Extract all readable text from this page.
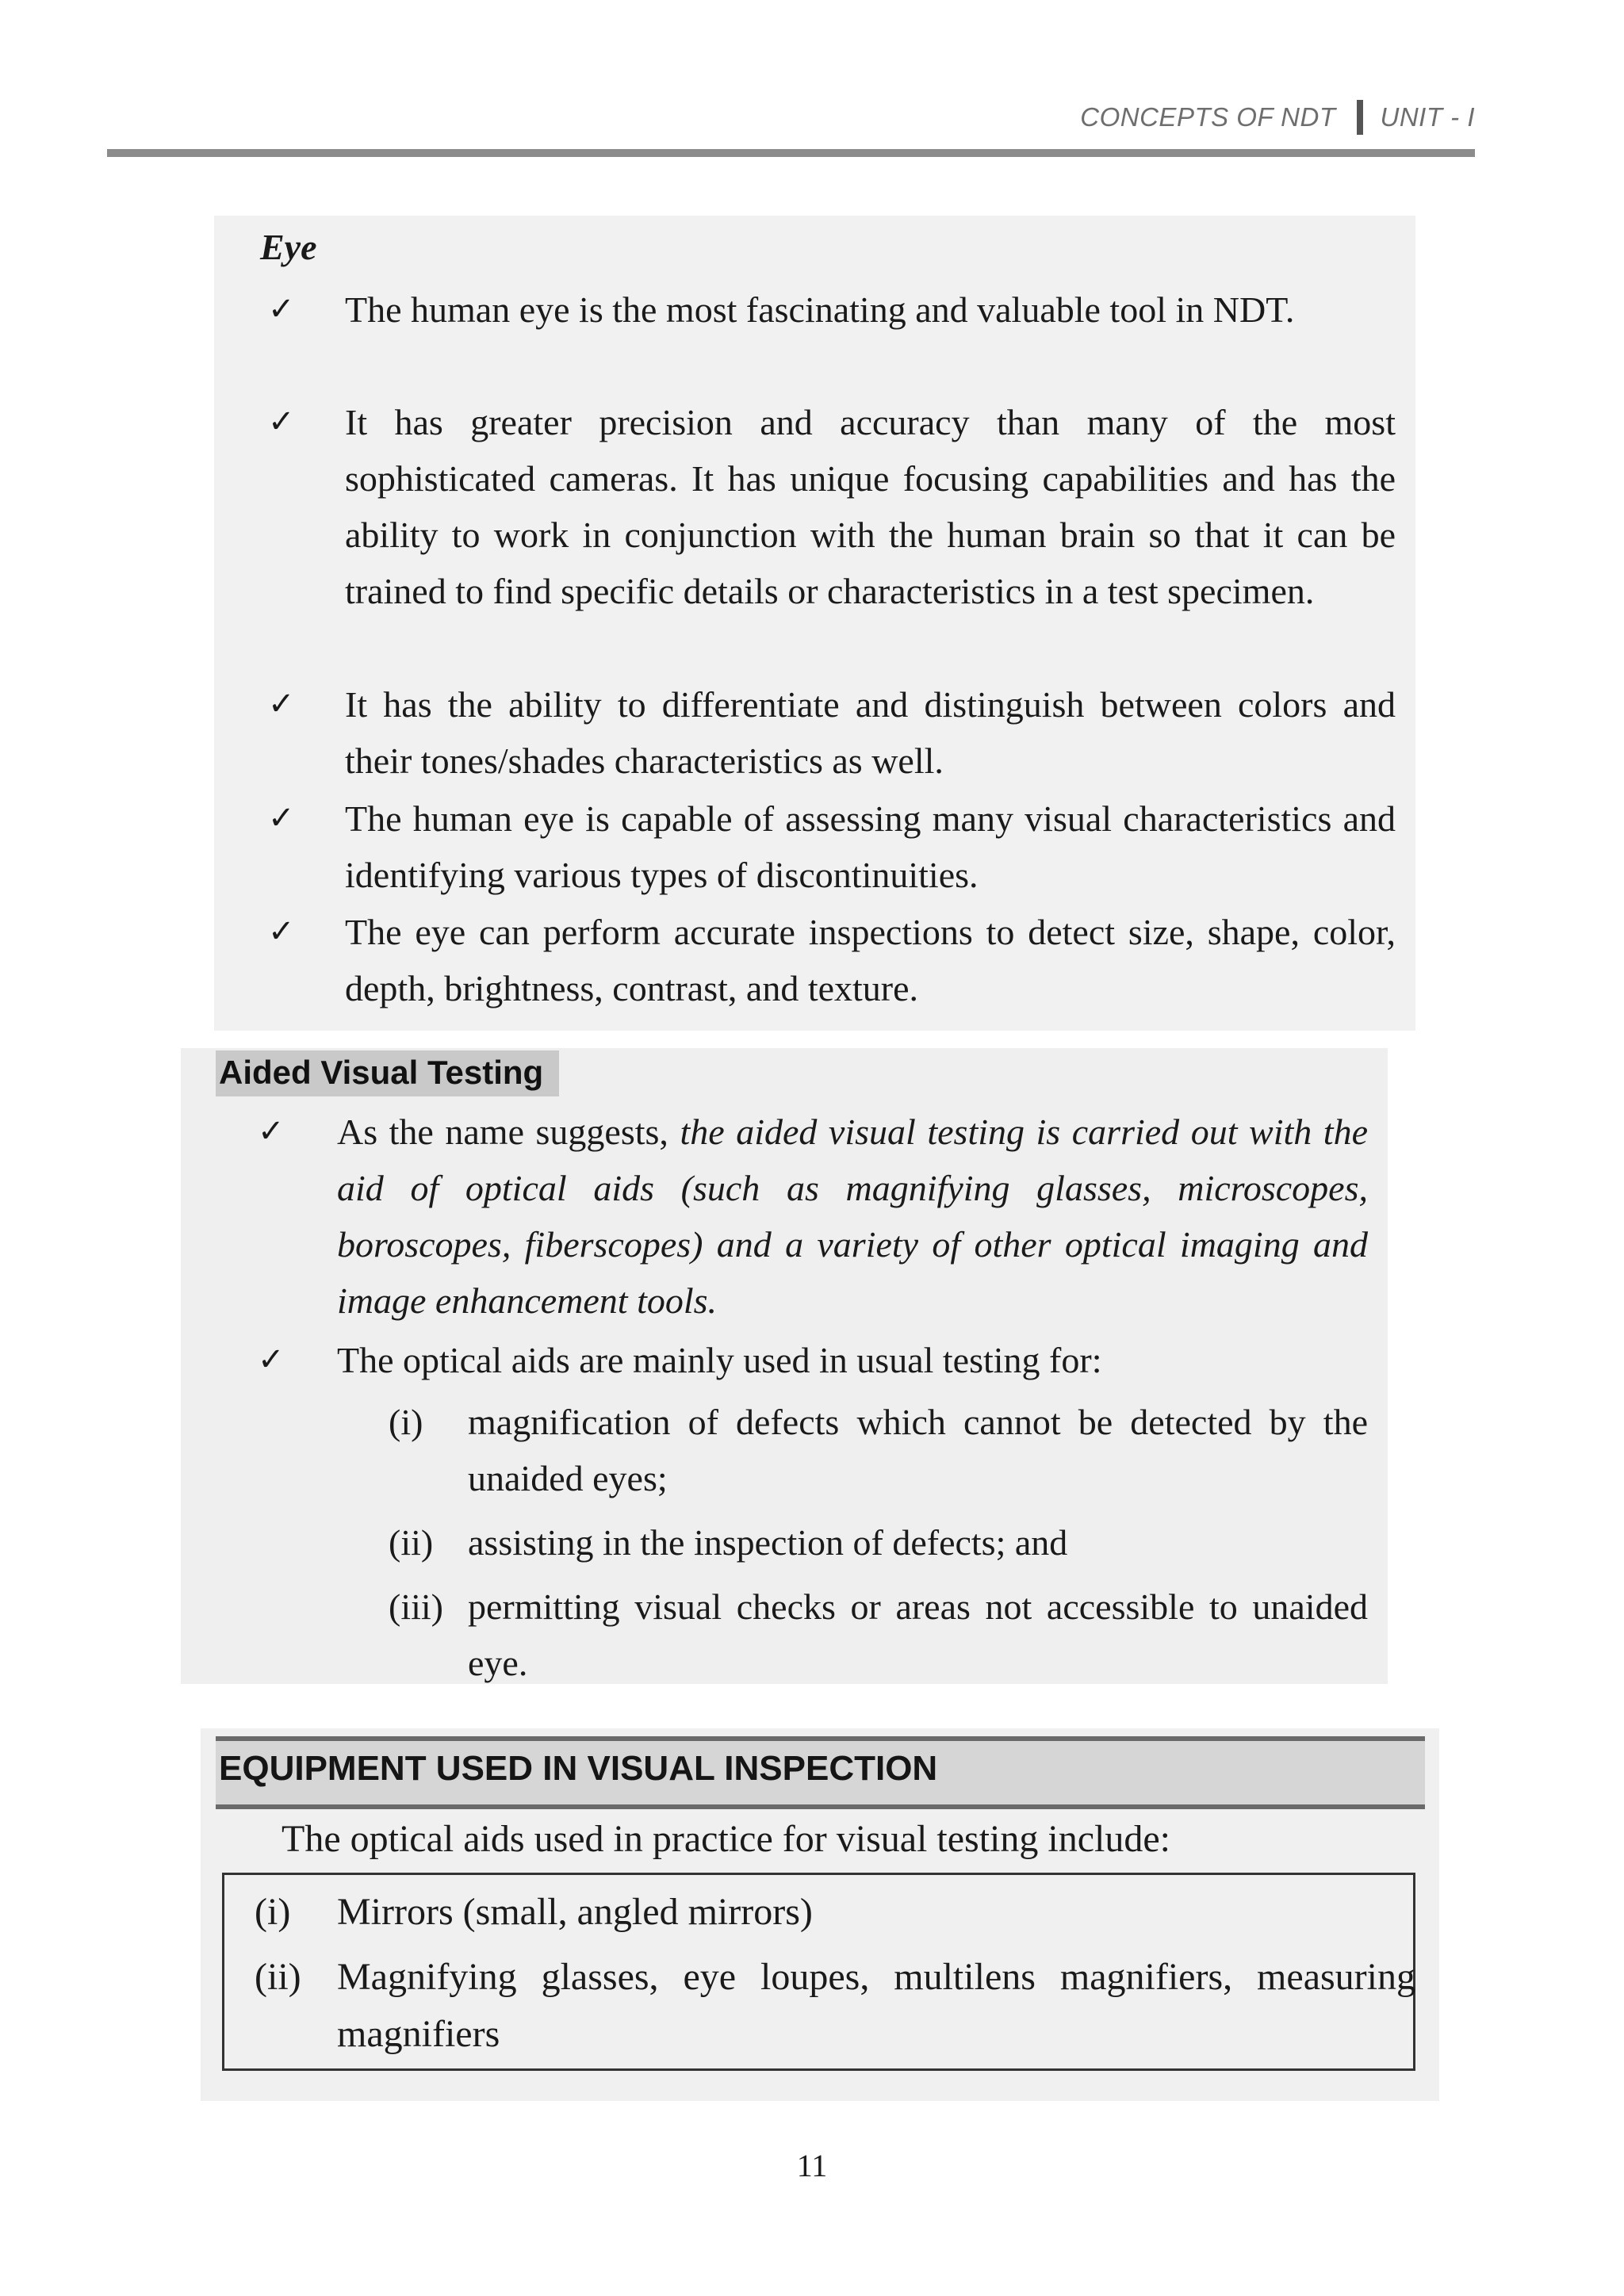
CONCEPTS OF NDT UNIT - I
Eye
✓ The human eye is the most fascinating and valuable tool in NDT.
✓ It has greater precision and accuracy than many of the most sophisticated cameras. It has unique focusing capabilities and has the ability to work in conjunction with the human brain so that it can be trained to find specific details or characteristics in a test specimen.
✓ It has the ability to differentiate and distinguish between colors and their tones/shades characteristics as well.
✓ The human eye is capable of assessing many visual characteristics and identifying various types of discontinuities.
✓ The eye can perform accurate inspections to detect size, shape, color, depth, brightness, contrast, and texture.
Aided Visual Testing
✓ As the name suggests, the aided visual testing is carried out with the aid of optical aids (such as magnifying glasses, microscopes, boroscopes, fiberscopes) and a variety of other optical imaging and image enhancement tools.
✓ The optical aids are mainly used in usual testing for:
(i) magnification of defects which cannot be detected by the unaided eyes;
(ii) assisting in the inspection of defects; and
(iii) permitting visual checks or areas not accessible to unaided eye.
EQUIPMENT USED IN VISUAL INSPECTION
The optical aids used in practice for visual testing include:
(i) Mirrors (small, angled mirrors)
(ii) Magnifying glasses, eye loupes, multilens magnifiers, measuring magnifiers
11
